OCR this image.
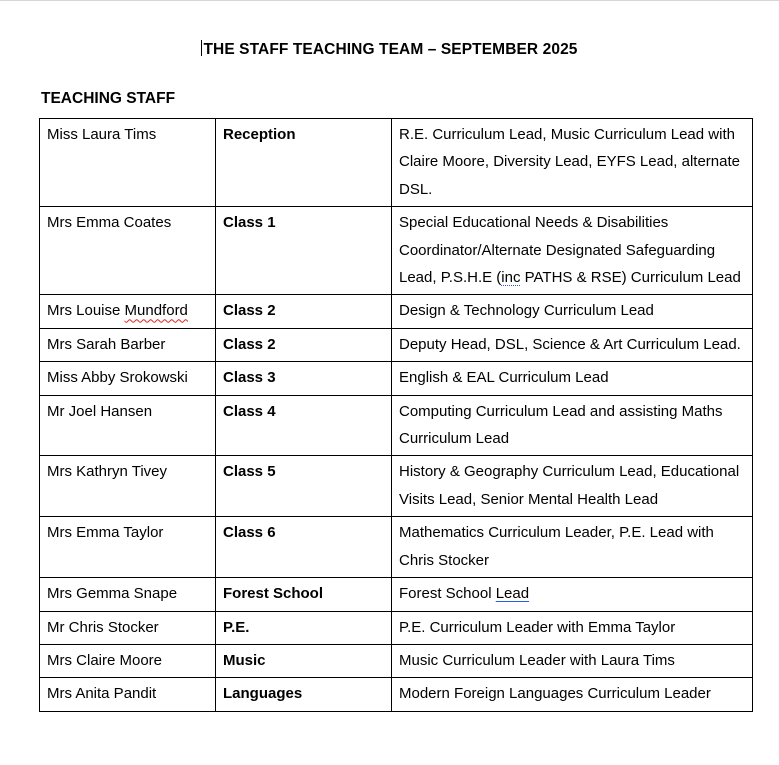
THE STAFF TEACHING TEAM – SEPTEMBER 2025
TEACHING STAFF
Miss Laura Tims	Reception	R.E. Curriculum Lead, Music Curriculum Lead with Claire Moore, Diversity Lead, EYFS Lead, alternate DSL.
Mrs Emma Coates	Class 1	Special Educational Needs & Disabilities Coordinator/Alternate Designated Safeguarding Lead, P.S.H.E (inc PATHS & RSE) Curriculum Lead
Mrs Louise Mundford	Class 2	Design & Technology Curriculum Lead
Mrs Sarah Barber	Class 2	Deputy Head, DSL, Science & Art Curriculum Lead.
Miss Abby Srokowski	Class 3	English & EAL Curriculum Lead
Mr Joel Hansen	Class 4	Computing Curriculum Lead and assisting Maths Curriculum Lead
Mrs Kathryn Tivey	Class 5	History & Geography Curriculum Lead, Educational Visits Lead, Senior Mental Health Lead
Mrs Emma Taylor	Class 6	Mathematics Curriculum Leader, P.E. Lead with Chris Stocker
Mrs Gemma Snape	Forest School	Forest School Lead
Mr Chris Stocker	P.E.	P.E. Curriculum Leader with Emma Taylor
Mrs Claire Moore	Music	Music Curriculum Leader with Laura Tims
Mrs Anita Pandit	Languages	Modern Foreign Languages Curriculum Leader
